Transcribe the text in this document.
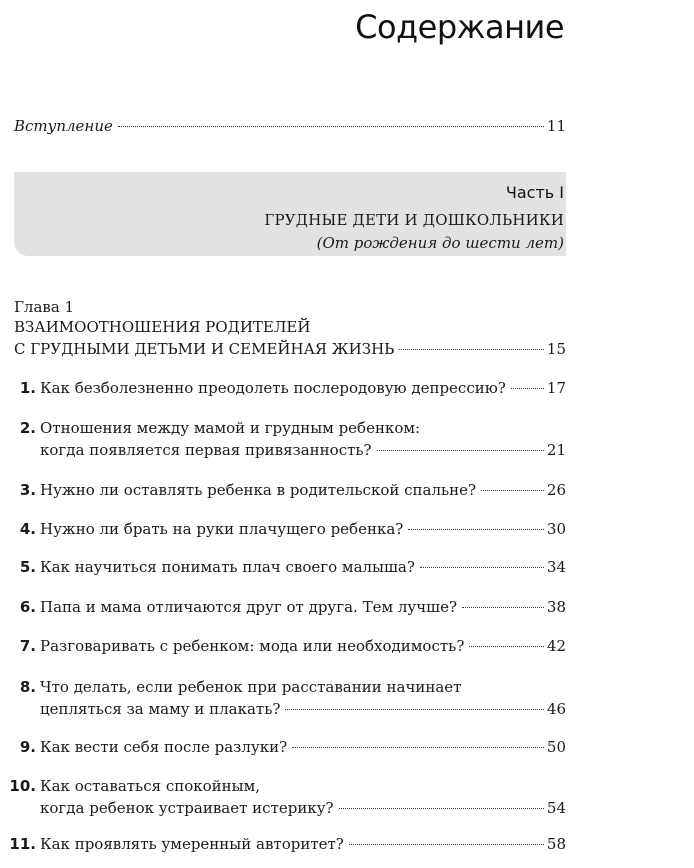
Содержание
Вступление	11
Часть I
ГРУДНЫЕ ДЕТИ И ДОШКОЛЬНИКИ
(От рождения до шести лет)
Глава 1
ВЗАИМООТНОШЕНИЯ РОДИТЕЛЕЙ
С ГРУДНЫМИ ДЕТЬМИ И СЕМЕЙНАЯ ЖИЗНЬ	15
1. Как безболезненно преодолеть послеродовую депрессию?	17
2. Отношения между мамой и грудным ребенком:
когда появляется первая привязанность?	21
3. Нужно ли оставлять ребенка в родительской спальне?	26
4. Нужно ли брать на руки плачущего ребенка?	30
5. Как научиться понимать плач своего малыша?	34
6. Папа и мама отличаются друг от друга. Тем лучше?	38
7. Разговаривать с ребенком: мода или необходимость?	42
8. Что делать, если ребенок при расставании начинает
цепляться за маму и плакать?	46
9. Как вести себя после разлуки?	50
10. Как оставаться спокойным,
когда ребенок устраивает истерику?	54
11. Как проявлять умеренный авторитет?	58
